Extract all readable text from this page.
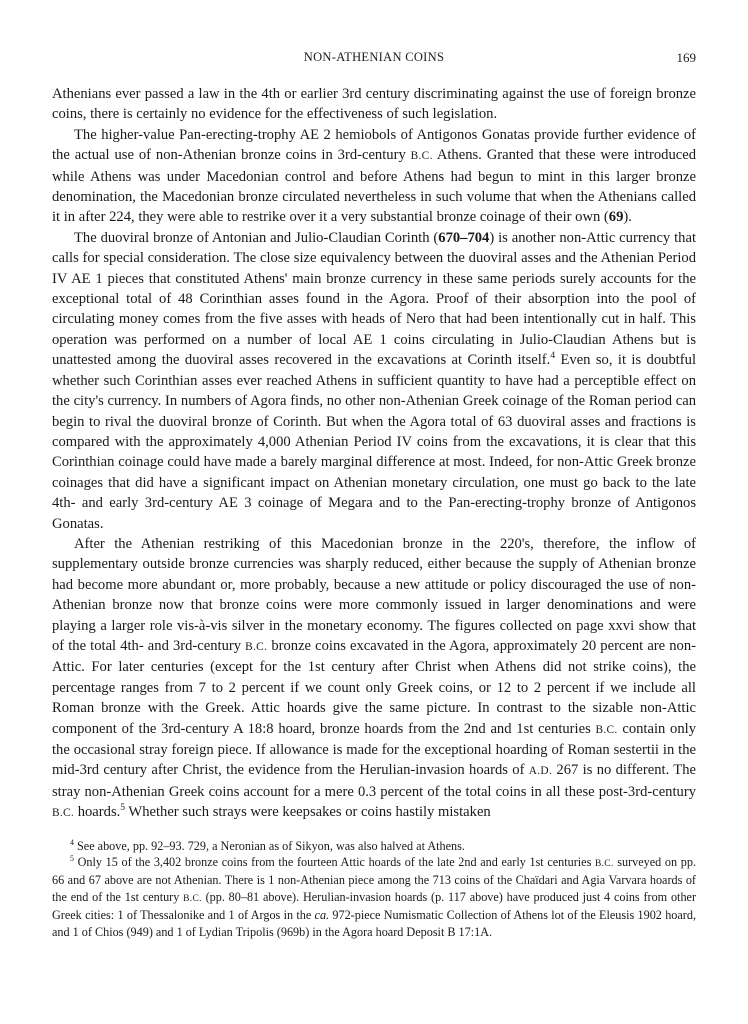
NON-ATHENIAN COINS	169

Athenians ever passed a law in the 4th or earlier 3rd century discriminating against the use of foreign bronze coins, there is certainly no evidence for the effectiveness of such legislation.

The higher-value Pan-erecting-trophy AE 2 hemiobols of Antigonos Gonatas provide further evidence of the actual use of non-Athenian bronze coins in 3rd-century B.C. Athens. Granted that these were introduced while Athens was under Macedonian control and before Athens had begun to mint in this larger bronze denomination, the Macedonian bronze circulated nevertheless in such volume that when the Athenians called it in after 224, they were able to restrike over it a very substantial bronze coinage of their own (69).

The duoviral bronze of Antonian and Julio-Claudian Corinth (670–704) is another non-Attic currency that calls for special consideration. The close size equivalency between the duoviral asses and the Athenian Period IV AE 1 pieces that constituted Athens' main bronze currency in these same periods surely accounts for the exceptional total of 48 Corinthian asses found in the Agora. Proof of their absorption into the pool of circulating money comes from the five asses with heads of Nero that had been intentionally cut in half. This operation was performed on a number of local AE 1 coins circulating in Julio-Claudian Athens but is unattested among the duoviral asses recovered in the excavations at Corinth itself.$^4$ Even so, it is doubtful whether such Corinthian asses ever reached Athens in sufficient quantity to have had a perceptible effect on the city's currency. In numbers of Agora finds, no other non-Athenian Greek coinage of the Roman period can begin to rival the duoviral bronze of Corinth. But when the Agora total of 63 duoviral asses and fractions is compared with the approximately 4,000 Athenian Period IV coins from the excavations, it is clear that this Corinthian coinage could have made a barely marginal difference at most. Indeed, for non-Attic Greek bronze coinages that did have a significant impact on Athenian monetary circulation, one must go back to the late 4th- and early 3rd-century AE 3 coinage of Megara and to the Pan-erecting-trophy bronze of Antigonos Gonatas.

After the Athenian restriking of this Macedonian bronze in the 220's, therefore, the inflow of supplementary outside bronze currencies was sharply reduced, either because the supply of Athenian bronze had become more abundant or, more probably, because a new attitude or policy discouraged the use of non-Athenian bronze now that bronze coins were more commonly issued in larger denominations and were playing a larger role vis-à-vis silver in the monetary economy. The figures collected on page xxvi show that of the total 4th- and 3rd-century B.C. bronze coins excavated in the Agora, approximately 20 percent are non-Attic. For later centuries (except for the 1st century after Christ when Athens did not strike coins), the percentage ranges from 7 to 2 percent if we count only Greek coins, or 12 to 2 percent if we include all Roman bronze with the Greek. Attic hoards give the same picture. In contrast to the sizable non-Attic component of the 3rd-century A 18:8 hoard, bronze hoards from the 2nd and 1st centuries B.C. contain only the occasional stray foreign piece. If allowance is made for the exceptional hoarding of Roman sestertii in the mid-3rd century after Christ, the evidence from the Herulian-invasion hoards of A.D. 267 is no different. The stray non-Athenian Greek coins account for a mere 0.3 percent of the total coins in all these post-3rd-century B.C. hoards.$^5$ Whether such strays were keepsakes or coins hastily mistaken

$^4$ See above, pp. 92–93. 729, a Neronian as of Sikyon, was also halved at Athens.

$^5$ Only 15 of the 3,402 bronze coins from the fourteen Attic hoards of the late 2nd and early 1st centuries B.C. surveyed on pp. 66 and 67 above are not Athenian. There is 1 non-Athenian piece among the 713 coins of the Chaïdari and Agia Varvara hoards of the end of the 1st century B.C. (pp. 80–81 above). Herulian-invasion hoards (p. 117 above) have produced just 4 coins from other Greek cities: 1 of Thessalonike and 1 of Argos in the ca. 972-piece Numismatic Collection of Athens lot of the Eleusis 1902 hoard, and 1 of Chios (949) and 1 of Lydian Tripolis (969b) in the Agora hoard Deposit B 17:1A.
